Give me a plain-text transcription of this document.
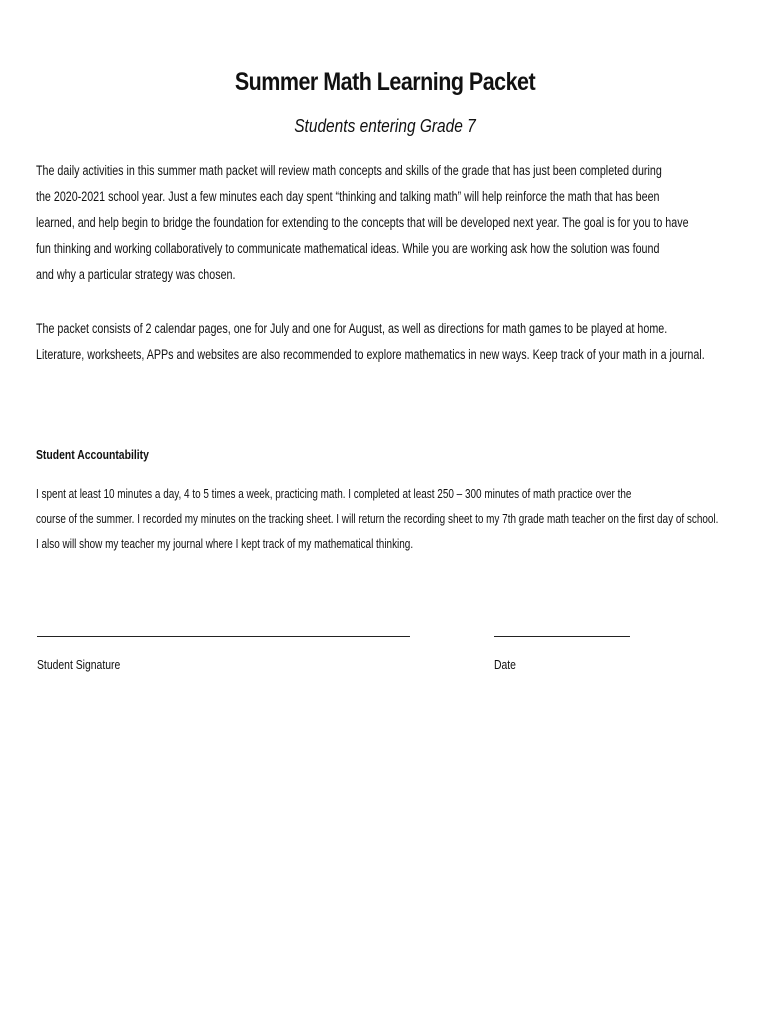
Summer Math Learning Packet
Students entering Grade 7

The daily activities in this summer math packet will review math concepts and skills of the grade that has just been completed during
the 2020-2021 school year. Just a few minutes each day spent “thinking and talking math” will help reinforce the math that has been
learned, and help begin to bridge the foundation for extending to the concepts that will be developed next year. The goal is for you to have
fun thinking and working collaboratively to communicate mathematical ideas. While you are working ask how the solution was found
and why a particular strategy was chosen.

The packet consists of 2 calendar pages, one for July and one for August, as well as directions for math games to be played at home.
Literature, worksheets, APPs and websites are also recommended to explore mathematics in new ways. Keep track of your math in a journal.

Student Accountability

I spent at least 10 minutes a day, 4 to 5 times a week, practicing math. I completed at least 250 – 300 minutes of math practice over the
course of the summer. I recorded my minutes on the tracking sheet. I will return the recording sheet to my 7th grade math teacher on the first day of school.
I also will show my teacher my journal where I kept track of my mathematical thinking.

Student Signature	Date
